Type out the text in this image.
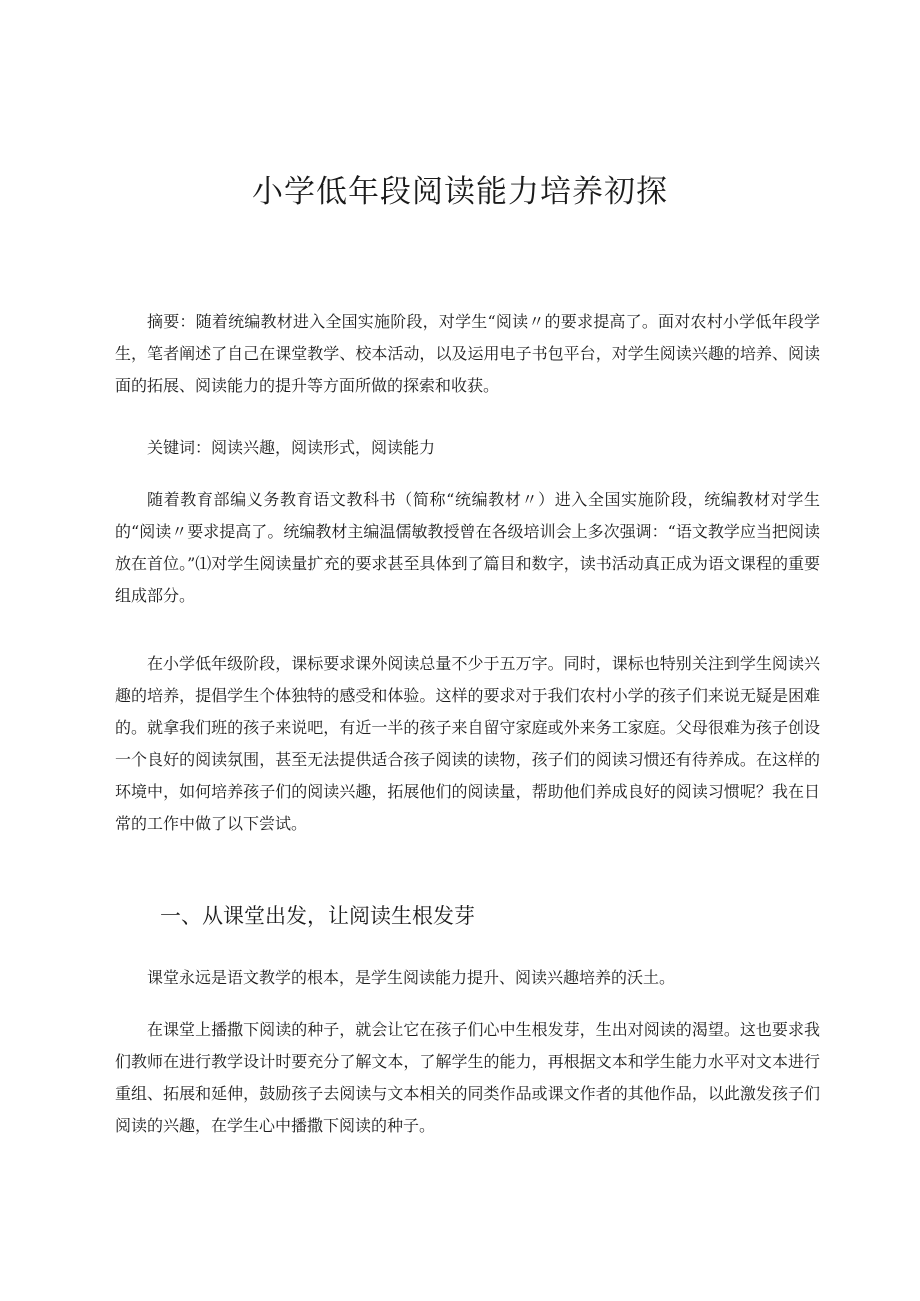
小学低年段阅读能力培养初探

摘要：随着统编教材进入全国实施阶段，对学生“阅读〃的要求提高了。面对农村小学低年段学生，笔者阐述了自己在课堂教学、校本活动，以及运用电子书包平台，对学生阅读兴趣的培养、阅读面的拓展、阅读能力的提升等方面所做的探索和收获。

关键词：阅读兴趣，阅读形式，阅读能力

随着教育部编义务教育语文教科书（简称“统编教材〃）进入全国实施阶段，统编教材对学生的“阅读〃要求提高了。统编教材主编温儒敏教授曾在各级培训会上多次强调：“语文教学应当把阅读放在首位。”⑴对学生阅读量扩充的要求甚至具体到了篇目和数字，读书活动真正成为语文课程的重要组成部分。

在小学低年级阶段，课标要求课外阅读总量不少于五万字。同时，课标也特别关注到学生阅读兴趣的培养，提倡学生个体独特的感受和体验。这样的要求对于我们农村小学的孩子们来说无疑是困难的。就拿我们班的孩子来说吧，有近一半的孩子来自留守家庭或外来务工家庭。父母很难为孩子创设一个良好的阅读氛围，甚至无法提供适合孩子阅读的读物，孩子们的阅读习惯还有待养成。在这样的环境中，如何培养孩子们的阅读兴趣，拓展他们的阅读量，帮助他们养成良好的阅读习惯呢？我在日常的工作中做了以下尝试。

一、从课堂出发，让阅读生根发芽

课堂永远是语文教学的根本，是学生阅读能力提升、阅读兴趣培养的沃土。

在课堂上播撒下阅读的种子，就会让它在孩子们心中生根发芽，生出对阅读的渴望。这也要求我们教师在进行教学设计时要充分了解文本，了解学生的能力，再根据文本和学生能力水平对文本进行重组、拓展和延伸，鼓励孩子去阅读与文本相关的同类作品或课文作者的其他作品，以此激发孩子们阅读的兴趣，在学生心中播撒下阅读的种子。
